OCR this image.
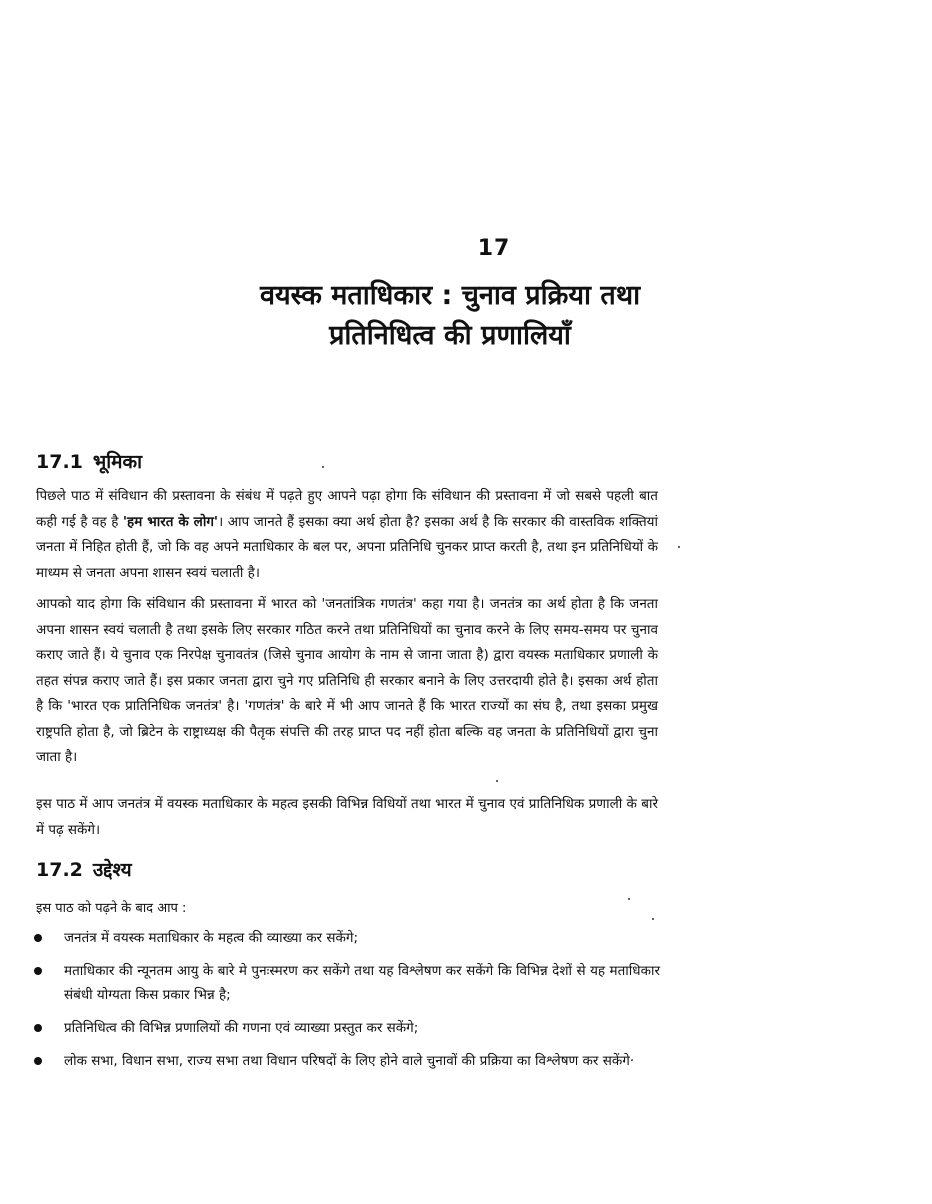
17
वयस्क मताधिकार : चुनाव प्रक्रिया तथा
प्रतिनिधित्व की प्रणालियाँ
17.1 भूमिका

पिछले पाठ में संविधान की प्रस्तावना के संबंध में पढ़ते हुए आपने पढ़ा होगा कि संविधान की प्रस्तावना में जो सबसे पहली बात कही गई है वह है 'हम भारत के लोग'। आप जानते हैं इसका क्या अर्थ होता है? इसका अर्थ है कि सरकार की वास्तविक शक्तियां जनता में निहित होती हैं, जो कि वह अपने मताधिकार के बल पर, अपना प्रतिनिधि चुनकर प्राप्त करती है, तथा इन प्रतिनिधियों के माध्यम से जनता अपना शासन स्वयं चलाती है।

आपको याद होगा कि संविधान की प्रस्तावना में भारत को 'जनतांत्रिक गणतंत्र' कहा गया है। जनतंत्र का अर्थ होता है कि जनता अपना शासन स्वयं चलाती है तथा इसके लिए सरकार गठित करने तथा प्रतिनिधियों का चुनाव करने के लिए समय-समय पर चुनाव कराए जाते हैं। ये चुनाव एक निरपेक्ष चुनावतंत्र (जिसे चुनाव आयोग के नाम से जाना जाता है) द्वारा वयस्क मताधिकार प्रणाली के तहत संपन्न कराए जाते हैं। इस प्रकार जनता द्वारा चुने गए प्रतिनिधि ही सरकार बनाने के लिए उत्तरदायी होते है। इसका अर्थ होता है कि 'भारत एक प्रातिनिधिक जनतंत्र' है। 'गणतंत्र' के बारे में भी आप जानते हैं कि भारत राज्यों का संघ है, तथा इसका प्रमुख राष्ट्रपति होता है, जो ब्रिटेन के राष्ट्राध्यक्ष की पैतृक संपत्ति की तरह प्राप्त पद नहीं होता बल्कि वह जनता के प्रतिनिधियों द्वारा चुना जाता है।

इस पाठ में आप जनतंत्र में वयस्क मताधिकार के महत्व इसकी विभिन्न विधियों तथा भारत में चुनाव एवं प्रातिनिधिक प्रणाली के बारे में पढ़ सकेंगे।

17.2 उद्देश्य
इस पाठ को पढ़ने के बाद आप :
जनतंत्र में वयस्क मताधिकार के महत्व की व्याख्या कर सकेंगे;
मताधिकार की न्यूनतम आयु के बारे मे पुनःस्मरण कर सकेंगे तथा यह विश्लेषण कर सकेंगे कि विभिन्न देशों से यह मताधिकार संबंधी योग्यता किस प्रकार भिन्न है;
प्रतिनिधित्व की विभिन्न प्रणालियों की गणना एवं व्याख्या प्रस्तुत कर सकेंगे;
लोक सभा, विधान सभा, राज्य सभा तथा विधान परिषदों के लिए होने वाले चुनावों की प्रक्रिया का विश्लेषण कर सकेंगे·
